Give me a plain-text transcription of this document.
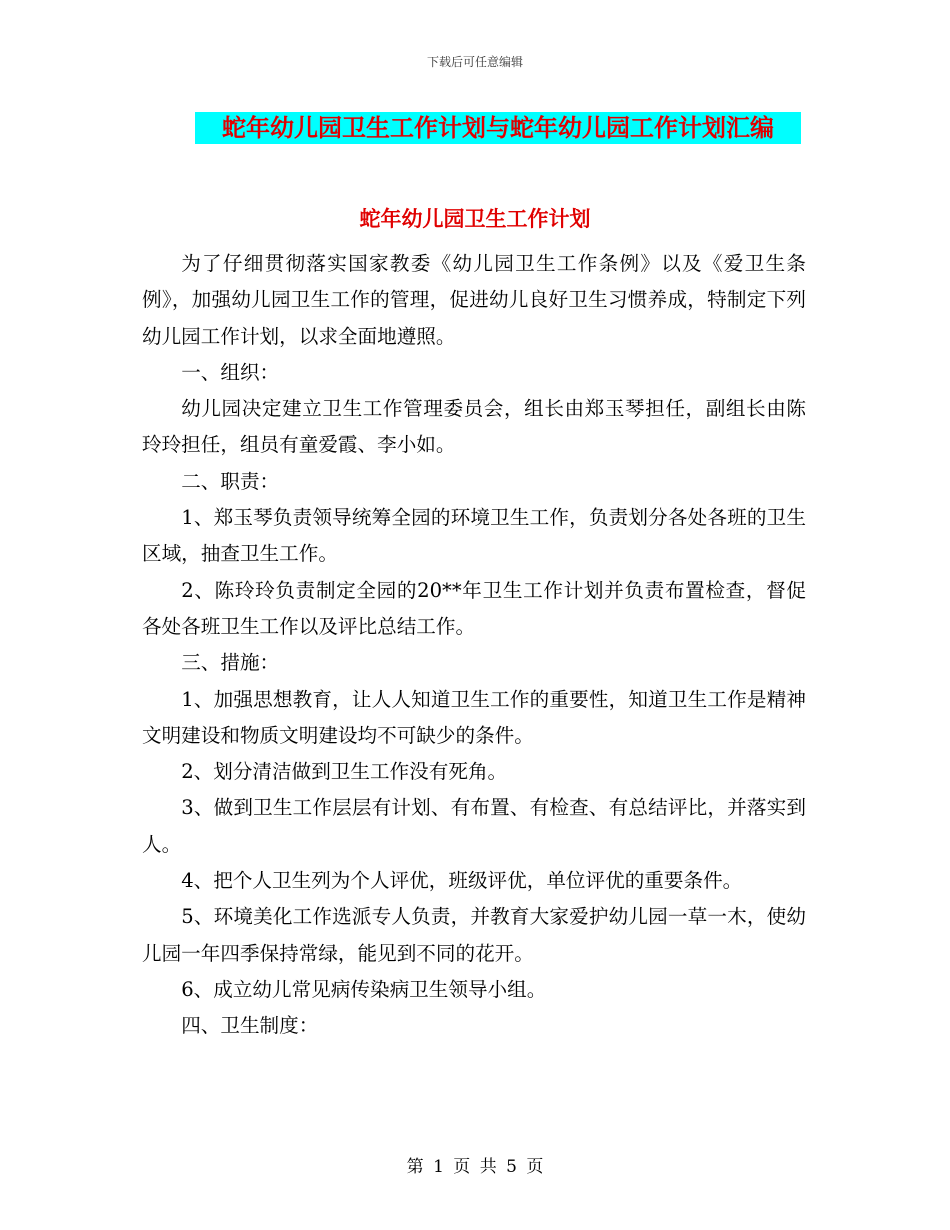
下载后可任意编辑
蛇年幼儿园卫生工作计划与蛇年幼儿园工作计划汇编
蛇年幼儿园卫生工作计划

为了仔细贯彻落实国家教委《幼儿园卫生工作条例》以及《爱卫生条例》，加强幼儿园卫生工作的管理，促进幼儿良好卫生习惯养成，特制定下列幼儿园工作计划，以求全面地遵照。

一、组织：

幼儿园决定建立卫生工作管理委员会，组长由郑玉琴担任，副组长由陈玲玲担任，组员有童爱霞、李小如。

二、职责：

1、郑玉琴负责领导统筹全园的环境卫生工作，负责划分各处各班的卫生区域，抽查卫生工作。

2、陈玲玲负责制定全园的20**年卫生工作计划并负责布置检查，督促各处各班卫生工作以及评比总结工作。

三、措施：

1、加强思想教育，让人人知道卫生工作的重要性，知道卫生工作是精神文明建设和物质文明建设均不可缺少的条件。

2、划分清洁做到卫生工作没有死角。

3、做到卫生工作层层有计划、有布置、有检查、有总结评比，并落实到人。

4、把个人卫生列为个人评优，班级评优，单位评优的重要条件。

5、环境美化工作选派专人负责，并教育大家爱护幼儿园一草一木，使幼儿园一年四季保持常绿，能见到不同的花开。

6、成立幼儿常见病传染病卫生领导小组。

四、卫生制度：

第 1 页 共 5 页
